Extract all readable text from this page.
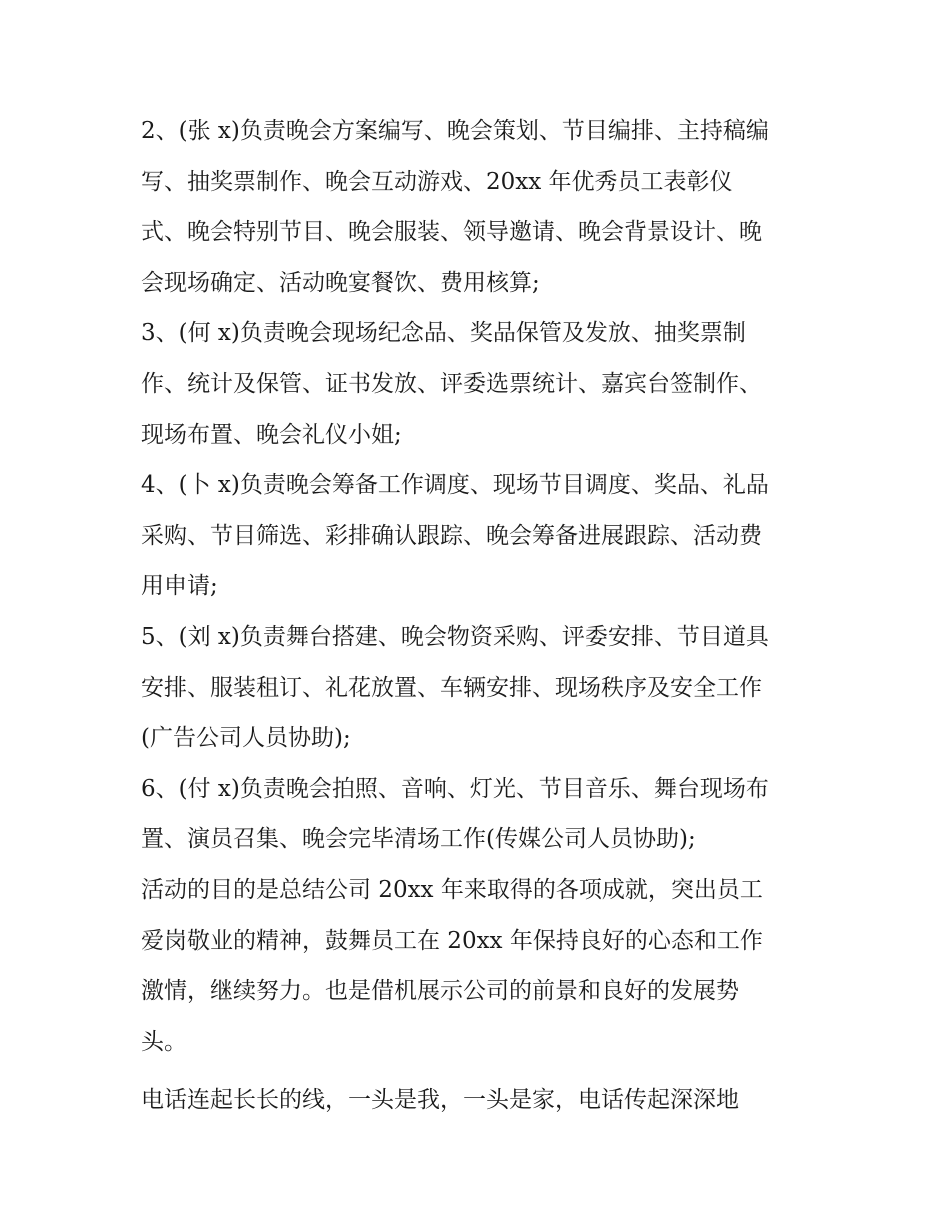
2、(张 x)负责晚会方案编写、晚会策划、节目编排、主持稿编
写、抽奖票制作、晚会互动游戏、20xx 年优秀员工表彰仪
式、晚会特别节目、晚会服装、领导邀请、晚会背景设计、晚
会现场确定、活动晚宴餐饮、费用核算;
3、(何 x)负责晚会现场纪念品、奖品保管及发放、抽奖票制
作、统计及保管、证书发放、评委选票统计、嘉宾台签制作、
现场布置、晚会礼仪小姐;
4、(卜 x)负责晚会筹备工作调度、现场节目调度、奖品、礼品
采购、节目筛选、彩排确认跟踪、晚会筹备进展跟踪、活动费
用申请;
5、(刘 x)负责舞台搭建、晚会物资采购、评委安排、节目道具
安排、服装租订、礼花放置、车辆安排、现场秩序及安全工作
(广告公司人员协助);
6、(付 x)负责晚会拍照、音响、灯光、节目音乐、舞台现场布
置、演员召集、晚会完毕清场工作(传媒公司人员协助);
活动的目的是总结公司 20xx 年来取得的各项成就，突出员工
爱岗敬业的精神，鼓舞员工在 20xx 年保持良好的心态和工作
激情，继续努力。也是借机展示公司的前景和良好的发展势
头。
电话连起长长的线，一头是我，一头是家，电话传起深深地
